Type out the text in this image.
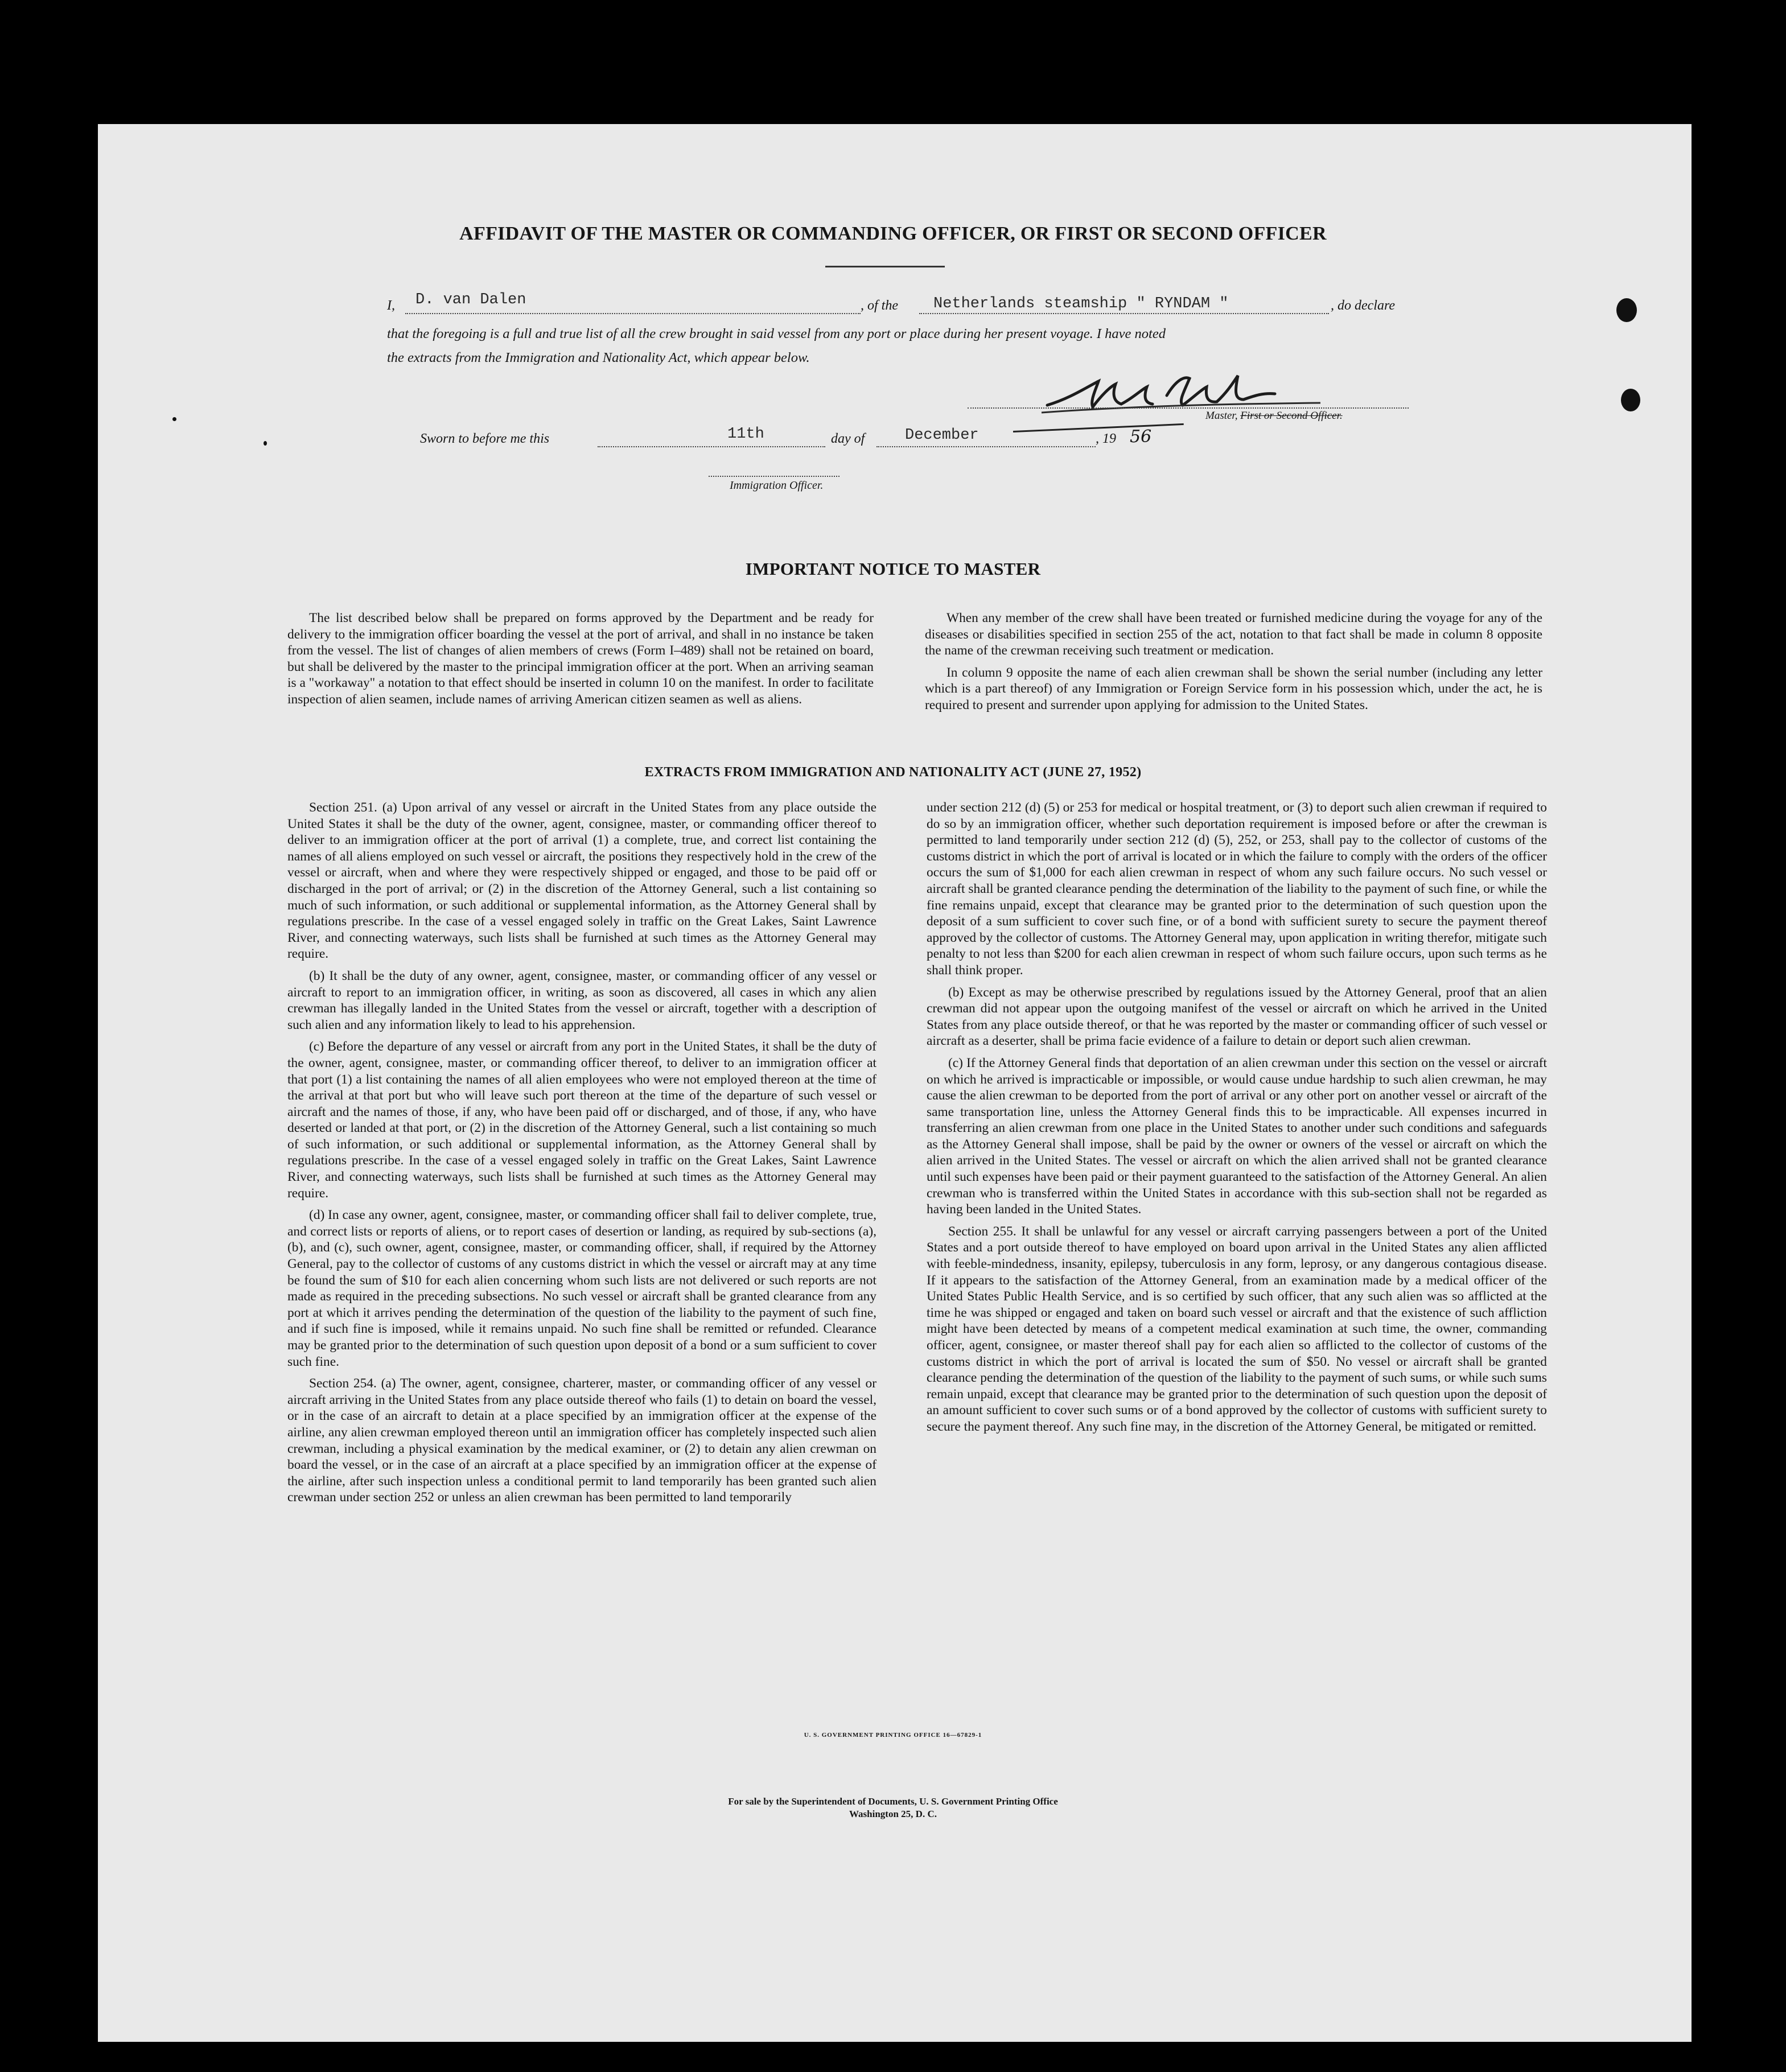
AFFIDAVIT OF THE MASTER OR COMMANDING OFFICER, OR FIRST OR SECOND OFFICER
I, D. van Dalen	, of the Netherlands steamship " RYNDAM "	, do declare
that the foregoing is a full and true list of all the crew brought in said vessel from any port or place during her present voyage. I have noted
the extracts from the Immigration and Nationality Act, which appear below.
Master, First or Second Officer.
Sworn to before me this	11th	day of	December	, 19 56
Immigration Officer.
IMPORTANT NOTICE TO MASTER

The list described below shall be prepared on forms approved by the Department and be ready for delivery to the immigration officer boarding the vessel at the port of arrival, and shall in no instance be taken from the vessel. The list of changes of alien members of crews (Form I–489) shall not be retained on board, but shall be delivered by the master to the principal immigration officer at the port. When an arriving seaman is a "workaway" a notation to that effect should be inserted in column 10 on the manifest. In order to facilitate inspection of alien seamen, include names of arriving American citizen seamen as well as aliens.

When any member of the crew shall have been treated or furnished medicine during the voyage for any of the diseases or disabilities specified in section 255 of the act, notation to that fact shall be made in column 8 opposite the name of the crewman receiving such treatment or medication.

In column 9 opposite the name of each alien crewman shall be shown the serial number (including any letter which is a part thereof) of any Immigration or Foreign Service form in his possession which, under the act, he is required to present and surrender upon applying for admission to the United States.

EXTRACTS FROM IMMIGRATION AND NATIONALITY ACT (JUNE 27, 1952)

Section 251. (a) Upon arrival of any vessel or aircraft in the United States from any place outside the United States it shall be the duty of the owner, agent, consignee, master, or commanding officer thereof to deliver to an immigration officer at the port of arrival (1) a complete, true, and correct list containing the names of all aliens employed on such vessel or aircraft, the positions they respectively hold in the crew of the vessel or aircraft, when and where they were respectively shipped or engaged, and those to be paid off or discharged in the port of arrival; or (2) in the discretion of the Attorney General, such a list containing so much of such information, or such additional or supplemental information, as the Attorney General shall by regulations prescribe. In the case of a vessel engaged solely in traffic on the Great Lakes, Saint Lawrence River, and connecting waterways, such lists shall be furnished at such times as the Attorney General may require.

(b) It shall be the duty of any owner, agent, consignee, master, or commanding officer of any vessel or aircraft to report to an immigration officer, in writing, as soon as discovered, all cases in which any alien crewman has illegally landed in the United States from the vessel or aircraft, together with a description of such alien and any information likely to lead to his apprehension.

(c) Before the departure of any vessel or aircraft from any port in the United States, it shall be the duty of the owner, agent, consignee, master, or commanding officer thereof, to deliver to an immigration officer at that port (1) a list containing the names of all alien employees who were not employed thereon at the time of the arrival at that port but who will leave such port thereon at the time of the departure of such vessel or aircraft and the names of those, if any, who have been paid off or discharged, and of those, if any, who have deserted or landed at that port, or (2) in the discretion of the Attorney General, such a list containing so much of such information, or such additional or supplemental information, as the Attorney General shall by regulations prescribe. In the case of a vessel engaged solely in traffic on the Great Lakes, Saint Lawrence River, and connecting waterways, such lists shall be furnished at such times as the Attorney General may require.

(d) In case any owner, agent, consignee, master, or commanding officer shall fail to deliver complete, true, and correct lists or reports of aliens, or to report cases of desertion or landing, as required by sub-sections (a), (b), and (c), such owner, agent, consignee, master, or commanding officer, shall, if required by the Attorney General, pay to the collector of customs of any customs district in which the vessel or aircraft may at any time be found the sum of $10 for each alien concerning whom such lists are not delivered or such reports are not made as required in the preceding subsections. No such vessel or aircraft shall be granted clearance from any port at which it arrives pending the determination of the question of the liability to the payment of such fine, and if such fine is imposed, while it remains unpaid. No such fine shall be remitted or refunded. Clearance may be granted prior to the determination of such question upon deposit of a bond or a sum sufficient to cover such fine.

Section 254. (a) The owner, agent, consignee, charterer, master, or commanding officer of any vessel or aircraft arriving in the United States from any place outside thereof who fails (1) to detain on board the vessel, or in the case of an aircraft to detain at a place specified by an immigration officer at the expense of the airline, any alien crewman employed thereon until an immigration officer has completely inspected such alien crewman, including a physical examination by the medical examiner, or (2) to detain any alien crewman on board the vessel, or in the case of an aircraft at a place specified by an immigration officer at the expense of the airline, after such inspection unless a conditional permit to land temporarily has been granted such alien crewman under section 252 or unless an alien crewman has been permitted to land temporarily

under section 212 (d) (5) or 253 for medical or hospital treatment, or (3) to deport such alien crewman if required to do so by an immigration officer, whether such deportation requirement is imposed before or after the crewman is permitted to land temporarily under section 212 (d) (5), 252, or 253, shall pay to the collector of customs of the customs district in which the port of arrival is located or in which the failure to comply with the orders of the officer occurs the sum of $1,000 for each alien crewman in respect of whom any such failure occurs. No such vessel or aircraft shall be granted clearance pending the determination of the liability to the payment of such fine, or while the fine remains unpaid, except that clearance may be granted prior to the determination of such question upon the deposit of a sum sufficient to cover such fine, or of a bond with sufficient surety to secure the payment thereof approved by the collector of customs. The Attorney General may, upon application in writing therefor, mitigate such penalty to not less than $200 for each alien crewman in respect of whom such failure occurs, upon such terms as he shall think proper.

(b) Except as may be otherwise prescribed by regulations issued by the Attorney General, proof that an alien crewman did not appear upon the outgoing manifest of the vessel or aircraft on which he arrived in the United States from any place outside thereof, or that he was reported by the master or commanding officer of such vessel or aircraft as a deserter, shall be prima facie evidence of a failure to detain or deport such alien crewman.

(c) If the Attorney General finds that deportation of an alien crewman under this section on the vessel or aircraft on which he arrived is impracticable or impossible, or would cause undue hardship to such alien crewman, he may cause the alien crewman to be deported from the port of arrival or any other port on another vessel or aircraft of the same transportation line, unless the Attorney General finds this to be impracticable. All expenses incurred in transferring an alien crewman from one place in the United States to another under such conditions and safeguards as the Attorney General shall impose, shall be paid by the owner or owners of the vessel or aircraft on which the alien arrived in the United States. The vessel or aircraft on which the alien arrived shall not be granted clearance until such expenses have been paid or their payment guaranteed to the satisfaction of the Attorney General. An alien crewman who is transferred within the United States in accordance with this sub-section shall not be regarded as having been landed in the United States.

Section 255. It shall be unlawful for any vessel or aircraft carrying passengers between a port of the United States and a port outside thereof to have employed on board upon arrival in the United States any alien afflicted with feeble-mindedness, insanity, epilepsy, tuberculosis in any form, leprosy, or any dangerous contagious disease. If it appears to the satisfaction of the Attorney General, from an examination made by a medical officer of the United States Public Health Service, and is so certified by such officer, that any such alien was so afflicted at the time he was shipped or engaged and taken on board such vessel or aircraft and that the existence of such affliction might have been detected by means of a competent medical examination at such time, the owner, commanding officer, agent, consignee, or master thereof shall pay for each alien so afflicted to the collector of customs of the customs district in which the port of arrival is located the sum of $50. No vessel or aircraft shall be granted clearance pending the determination of the question of the liability to the payment of such sums, or while such sums remain unpaid, except that clearance may be granted prior to the determination of such question upon the deposit of an amount sufficient to cover such sums or of a bond approved by the collector of customs with sufficient surety to secure the payment thereof. Any such fine may, in the discretion of the Attorney General, be mitigated or remitted.

U. S. GOVERNMENT PRINTING OFFICE 16—67829-1
For sale by the Superintendent of Documents, U. S. Government Printing Office
Washington 25, D. C.
